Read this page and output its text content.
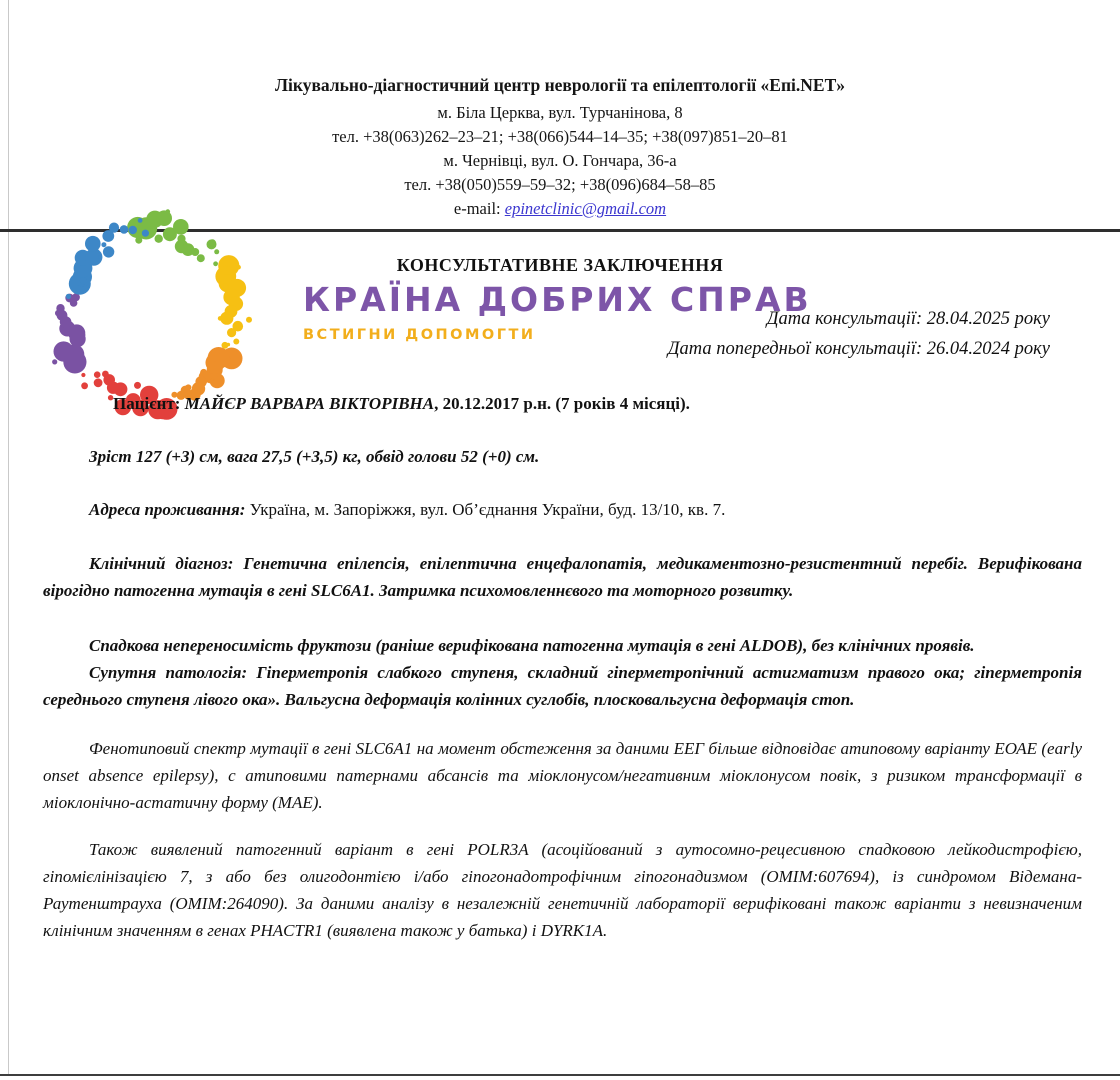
Лікувально-діагностичний центр неврології та епілептології «Епі.NET»
м. Біла Церква, вул. Турчанінова, 8
тел. +38(063)262–23–21; +38(066)544–14–35; +38(097)851–20–81
м. Чернівці, вул. О. Гончара, 36-а
тел. +38(050)559–59–32; +38(096)684–58–85
e-mail: epinetclinic@gmail.com
КОНСУЛЬТАТИВНЕ ЗАКЛЮЧЕННЯ
КРАЇНА ДОБРИХ СПРАВ
ВСТИГНИ ДОПОМОГТИ
Дата консультації: 28.04.2025 року
Дата попередньої консультації: 26.04.2024 року

Пацієнт: МАЙЄР ВАРВАРА ВІКТОРІВНА, 20.12.2017 р.н. (7 років 4 місяці).

Зріст 127 (+3) см, вага 27,5 (+3,5) кг, обвід голови 52 (+0) см.

Адреса проживання: Україна, м. Запоріжжя, вул. Об’єднання України, буд. 13/10, кв. 7.

Клінічний діагноз: Генетична епілепсія, епілептична енцефалопатія, медикаментозно-резистентний перебіг. Верифікована вірогідно патогенна мутація в гені SLC6A1. Затримка психомовленнєвого та моторного розвитку.

Спадкова непереносимість фруктози (раніше верифікована патогенна мутація в гені ALDOB), без клінічних проявів.

Супутня патологія: Гіперметропія слабкого ступеня, складний гіперметропічний астигматизм правого ока; гіперметропія середнього ступеня лівого ока». Вальгусна деформація колінних суглобів, плосковальгусна деформація стоп.

Фенотиповий спектр мутації в гені SLC6A1 на момент обстеження за даними ЕЕГ більше відповідає атиповому варіанту ЕОАЕ (early onset absence epilepsy), с атиповими патернами абсансів та міоклонусом/негативним міоклонусом повік, з ризиком трансформації в міоклонічно-астатичну форму (МАЕ).

Також виявлений патогенний варіант в гені POLR3A (асоційований з аутосомно-рецесивною спадковою лейкодистрофією, гіпомієлінізацією 7, з або без олигодонтією і/або гіпогонадотрофічним гіпогонадизмом (ОМІМ:607694), із синдромом Відемана-Раутенштрауха (ОМІМ:264090). За даними аналізу в незалежній генетичній лабораторії верифіковані також варіанти з невизначеним клінічним значенням в генах PHACTR1 (виявлена також у батька) і DYRK1A.
